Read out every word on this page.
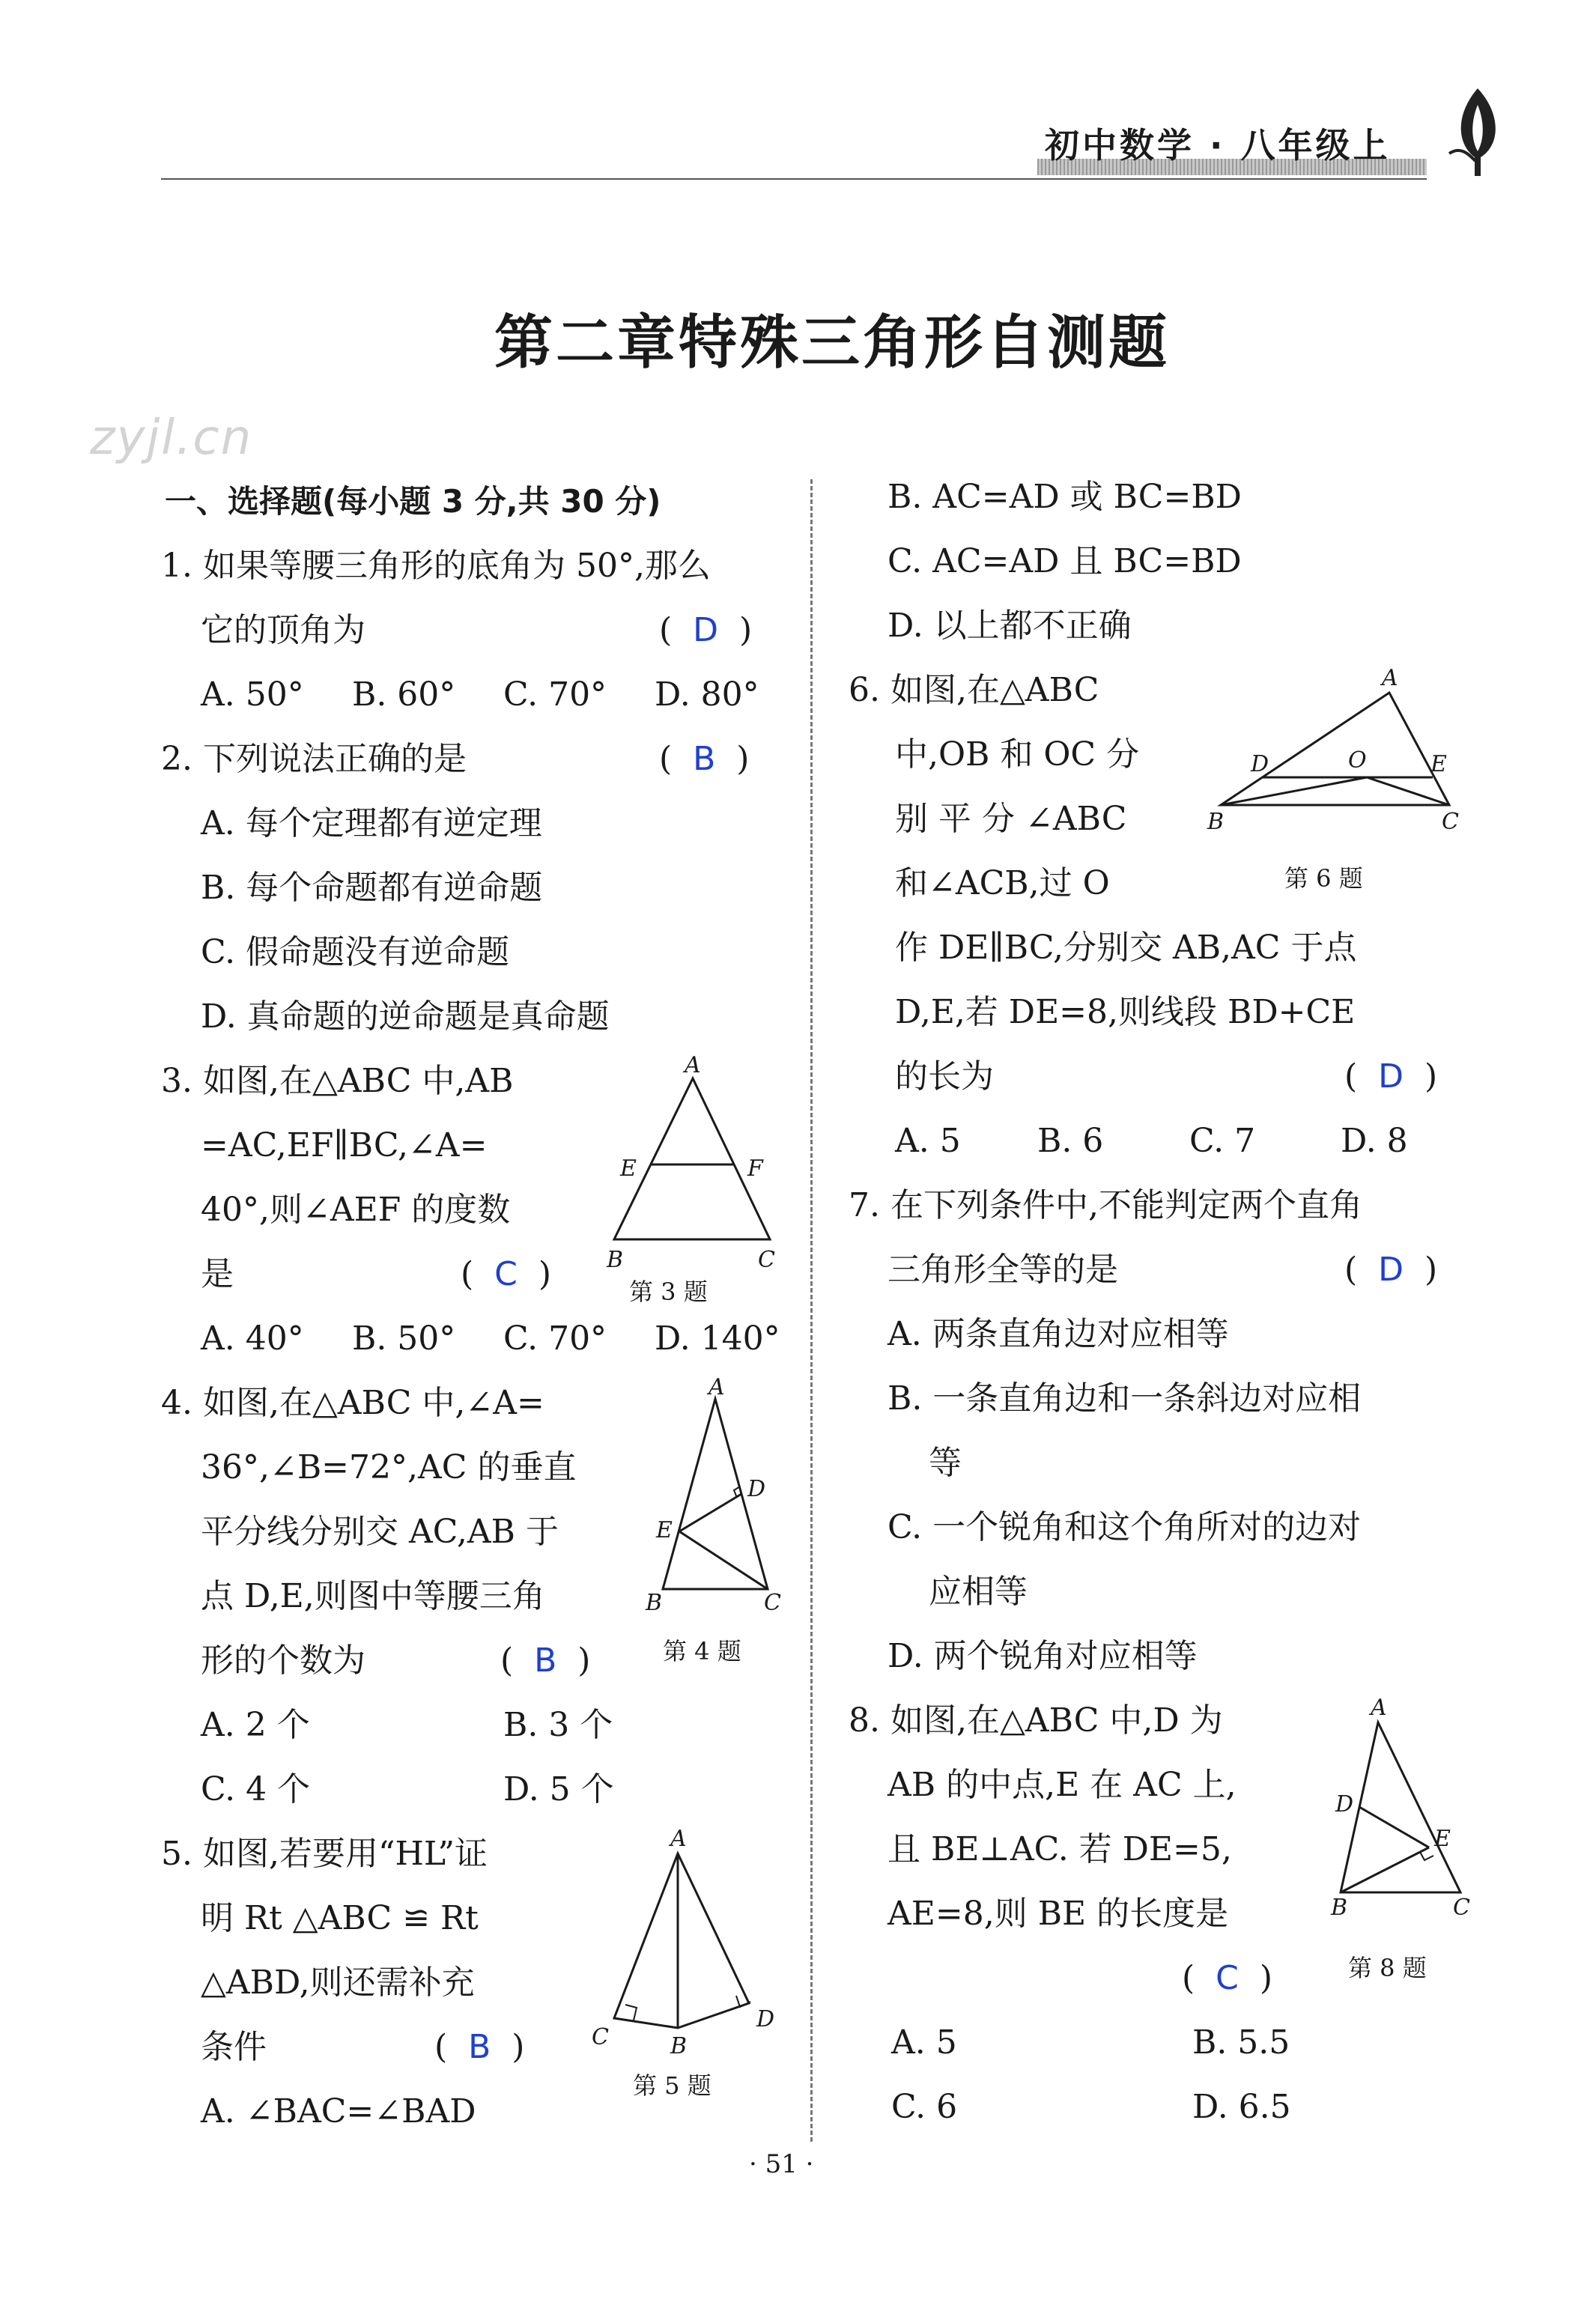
初中数学 · 八年级上
第二章特殊三角形自测题
zyjl.cn
一、选择题(每小题 3 分,共 30 分)
1. 如果等腰三角形的底角为 50°,那么
它的顶角为	(  D  )
A. 50° B. 60° C. 70° D. 80°
2. 下列说法正确的是	(  B  )
A. 每个定理都有逆定理
B. 每个命题都有逆命题
C. 假命题没有逆命题
D. 真命题的逆命题是真命题
3. 如图,在△ABC 中,AB
=AC,EF∥BC,∠A=
40°,则∠AEF 的度数
是	(  C  )
A
B	C
E	F
第 3 题
A. 40° B. 50° C. 70° D. 140°
4. 如图,在△ABC 中,∠A=
36°,∠B=72°,AC 的垂直
平分线分别交 AC,AB 于
点 D,E,则图中等腰三角
形的个数为	(  B  )
A
B	C
D
E
第 4 题
A. 2 个	B. 3 个
C. 4 个	D. 5 个
5. 如图,若要用“HL”证
明 Rt △ABC ≌ Rt
△ABD,则还需补充
条件	(  B  )
A. ∠BAC=∠BAD
A
C
D
B
第 5 题
B. AC=AD 或 BC=BD
C. AC=AD 且 BC=BD
D. 以上都不正确
6. 如图,在△ABC
中,OB 和 OC 分
别 平 分 ∠ABC
和∠ACB,过 O
A
B	C
D	E
O
第 6 题
作 DE∥BC,分别交 AB,AC 于点
D,E,若 DE=8,则线段 BD+CE
的长为	(  D  )
A. 5 B. 6	C. 7	D. 8
7. 在下列条件中,不能判定两个直角
三角形全等的是	(  D  )
A. 两条直角边对应相等
B. 一条直角边和一条斜边对应相
等
C. 一个锐角和这个角所对的边对
应相等
D. 两个锐角对应相等
8. 如图,在△ABC 中,D 为
AB 的中点,E 在 AC 上,
且 BE⊥AC. 若 DE=5,
AE=8,则 BE 的长度是
(  C  )
A
B	C
D
E
第 8 题
A. 5	B. 5.5
C. 6	D. 6.5
· 51 ·
